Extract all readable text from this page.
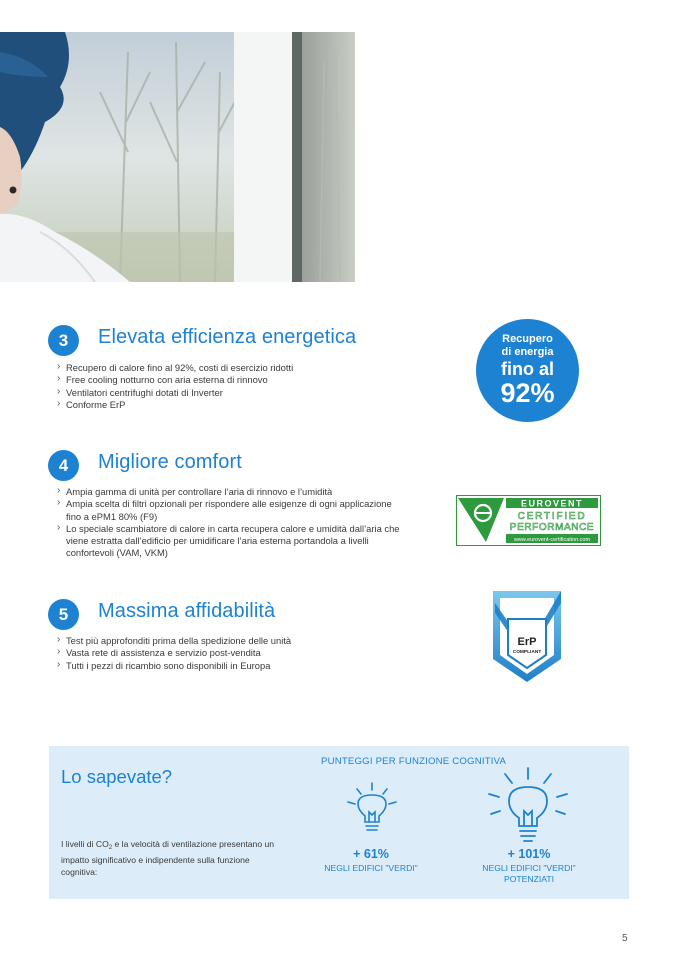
3	Elevata efficienza energetica
› Recupero di calore fino al 92%, costi di esercizio ridotti
› Free cooling notturno con aria esterna di rinnovo
› Ventilatori centrifughi dotati di Inverter
› Conforme ErP
Recupero
di energia
fino al
92%
4	Migliore comfort
› Ampia gamma di unità per controllare l’aria di rinnovo e l’umidità
› Ampia scelta di filtri opzionali per rispondere alle esigenze di ogni applicazione fino a ePM1 80% (F9)
› Lo speciale scambiatore di calore in carta recupera calore e umidità dall’aria che viene estratta dall’edificio per umidificare l’aria esterna portandola a livelli confortevoli (VAM, VKM)
EUROVENT
CERTIFIED
PERFORMANCE
www.eurovent-certification.com
5	Massima affidabilità
› Test più approfonditi prima della spedizione delle unità
› Vasta rete di assistenza e servizio post-vendita
› Tutti i pezzi di ricambio sono disponibili in Europa
ErP
COMPLIANT
Lo sapevate?
I livelli di $CO_2$ e la velocità di ventilazione presentano un impatto significativo e indipendente sulla funzione cognitiva:
PUNTEGGI PER FUNZIONE COGNITIVA
+ 61%
NEGLI EDIFICI "VERDI"
+ 101%
NEGLI EDIFICI "VERDI"
POTENZIATI
5
